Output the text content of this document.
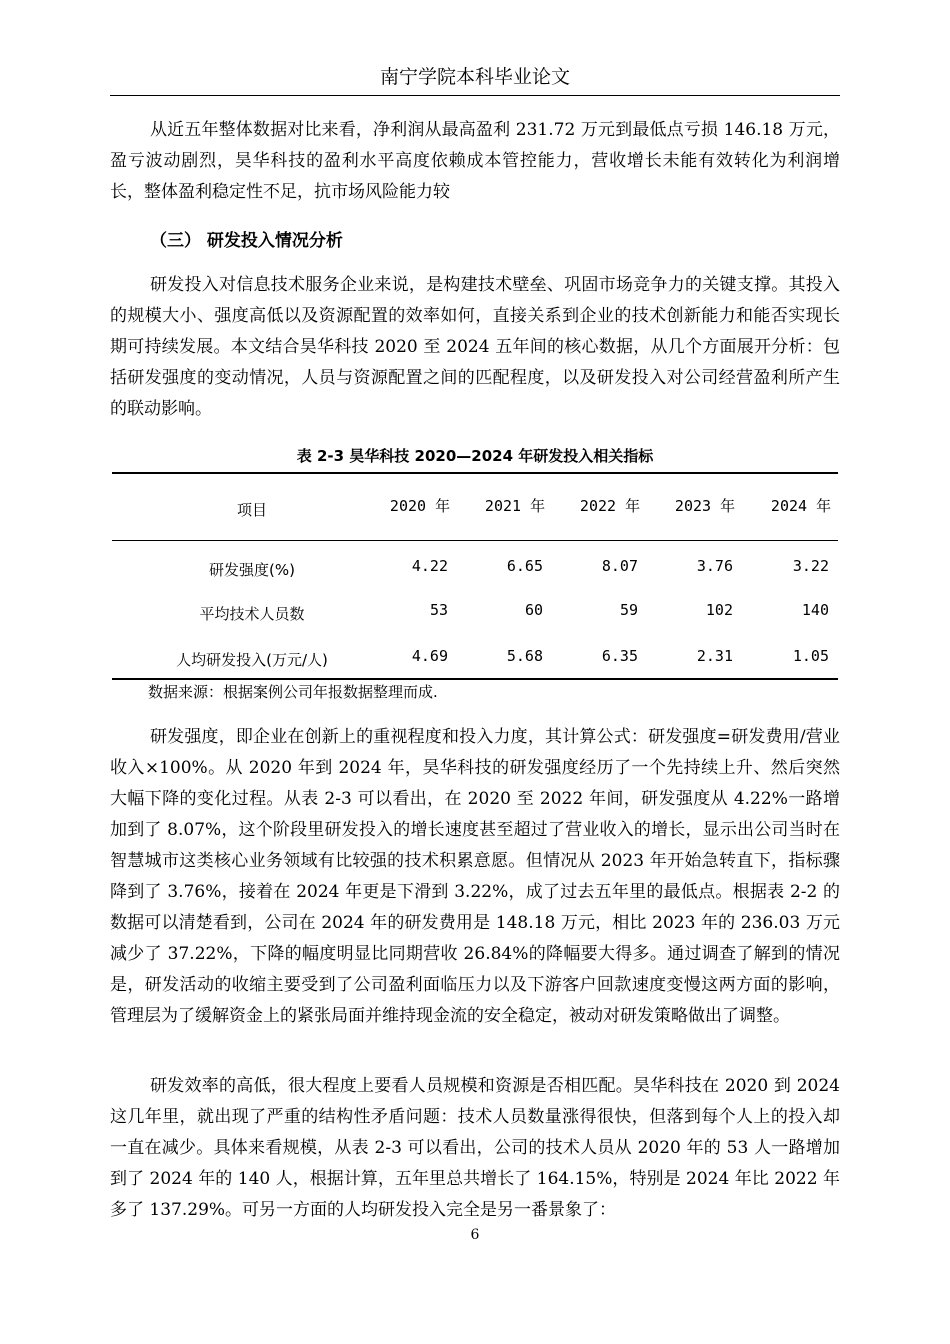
南宁学院本科毕业论文

从近五年整体数据对比来看，净利润从最高盈利 231.72 万元到最低点亏损 146.18 万元，盈亏波动剧烈，昊华科技的盈利水平高度依赖成本管控能力，营收增长未能有效转化为利润增长，整体盈利稳定性不足，抗市场风险能力较

（三） 研发投入情况分析

研发投入对信息技术服务企业来说，是构建技术壁垒、巩固市场竞争力的关键支撑。其投入的规模大小、强度高低以及资源配置的效率如何，直接关系到企业的技术创新能力和能否实现长期可持续发展。本文结合昊华科技 2020 至 2024 五年间的核心数据，从几个方面展开分析：包括研发强度的变动情况，人员与资源配置之间的匹配程度，以及研发投入对公司经营盈利所产生的联动影响。

表 2-3 昊华科技 2020—2024 年研发投入相关指标
项目	2020 年	2021 年	2022 年	2023 年	2024 年
研发强度(%)	4.22	6.65	8.07	3.76	3.22
平均技术人员数	53	60	59	102	140
人均研发投入(万元/人)	4.69	5.68	6.35	2.31	1.05
数据来源：根据案例公司年报数据整理而成.

研发强度，即企业在创新上的重视程度和投入力度，其计算公式：研发强度=研发费用/营业收入×100%。从 2020 年到 2024 年，昊华科技的研发强度经历了一个先持续上升、然后突然大幅下降的变化过程。从表 2-3 可以看出，在 2020 至 2022 年间，研发强度从 4.22%一路增加到了 8.07%，这个阶段里研发投入的增长速度甚至超过了营业收入的增长，显示出公司当时在智慧城市这类核心业务领域有比较强的技术积累意愿。但情况从 2023 年开始急转直下，指标骤降到了 3.76%，接着在 2024 年更是下滑到 3.22%，成了过去五年里的最低点。根据表 2-2 的数据可以清楚看到，公司在 2024 年的研发费用是 148.18 万元，相比 2023 年的 236.03 万元减少了 37.22%，下降的幅度明显比同期营收 26.84%的降幅要大得多。通过调查了解到的情况是，研发活动的收缩主要受到了公司盈利面临压力以及下游客户回款速度变慢这两方面的影响，管理层为了缓解资金上的紧张局面并维持现金流的安全稳定，被动对研发策略做出了调整。

研发效率的高低，很大程度上要看人员规模和资源是否相匹配。昊华科技在 2020 到 2024 这几年里，就出现了严重的结构性矛盾问题：技术人员数量涨得很快，但落到每个人上的投入却一直在减少。具体来看规模，从表 2-3 可以看出，公司的技术人员从 2020 年的 53 人一路增加到了 2024 年的 140 人，根据计算，五年里总共增长了 164.15%，特别是 2024 年比 2022 年多了 137.29%。可另一方面的人均研发投入完全是另一番景象了：

6
